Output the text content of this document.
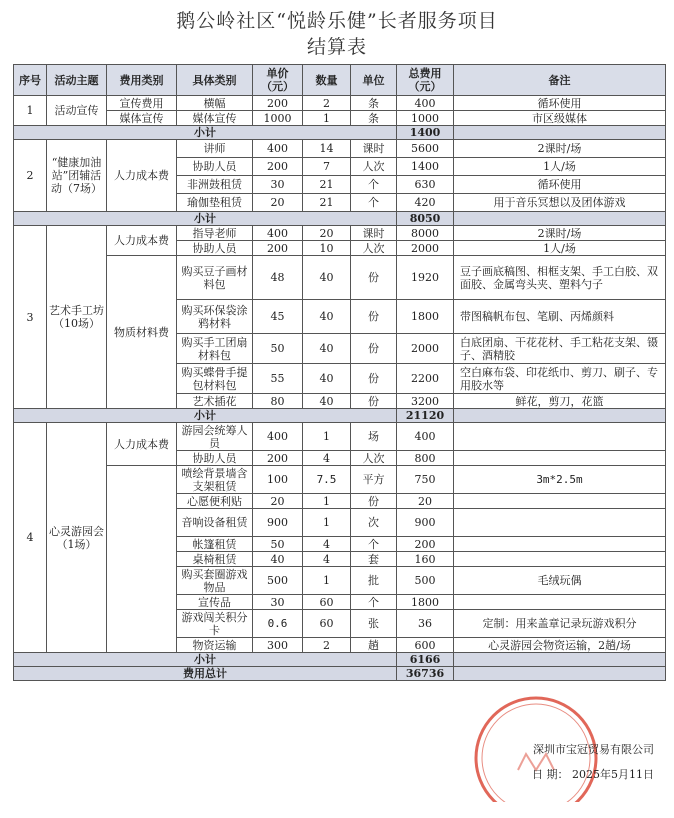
鹅公岭社区“悦龄乐健”长者服务项目
结算表
序号	活动主题	费用类别	具体类别	单价（元）	数量	单位	总费用（元）	备注
1	活动宣传	宣传费用	横幅	200	2	条	400	循环使用
		媒体宣传	媒体宣传	1000	1	条	1000	市区级媒体
小计							1400	
2	“健康加油站”团辅活动（7场）	人力成本费	讲师	400	14	课时	5600	2课时/场
			协助人员	200	7	人次	1400	1人/场
			非洲鼓租赁	30	21	个	630	循环使用
			瑜伽垫租赁	20	21	个	420	用于音乐冥想以及团体游戏
小计							8050	
3	艺术手工坊（10场）	人力成本费	指导老师	400	20	课时	8000	2课时/场
			协助人员	200	10	人次	2000	1人/场
		物质材料费	购买豆子画材料包	48	40	份	1920	豆子画底稿图、相框支架、手工白胶、双面胶、金属弯头夹、塑料勺子
			购买环保袋涂鸦材料	45	40	份	1800	带图稿帆布包、笔刷、丙烯颜料
			购买手工团扇材料包	50	40	份	2000	白底团扇、干花花材、手工粘花支架、镊子、酒精胶
			购买蝶骨手提包材料包	55	40	份	2200	空白麻布袋、印花纸巾、剪刀、刷子、专用胶水等
			艺术插花	80	40	份	3200	鲜花，剪刀，花篮
小计							21120	
4	心灵游园会（1场）	人力成本费	游园会统筹人员	400	1	场	400	
			协助人员	200	4	人次	800	
			喷绘背景墙含支架租赁	100	7.5	平方	750	3m*2.5m
			心愿便利贴	20	1	份	20	
			音响设备租赁	900	1	次	900	
			帐篷租赁	50	4	个	200	
			桌椅租赁	40	4	套	160	
			购买套圈游戏物品	500	1	批	500	毛绒玩偶
			宣传品	30	60	个	1800	
			游戏闯关积分卡	0.6	60	张	36	定制：用来盖章记录玩游戏积分
			物资运输	300	2	趟	600	心灵游园会物资运输，2趟/场
小计							6166	
费用总计							36736	
深圳市宝冠贸易有限公司
日 期： 2025年5月11日
